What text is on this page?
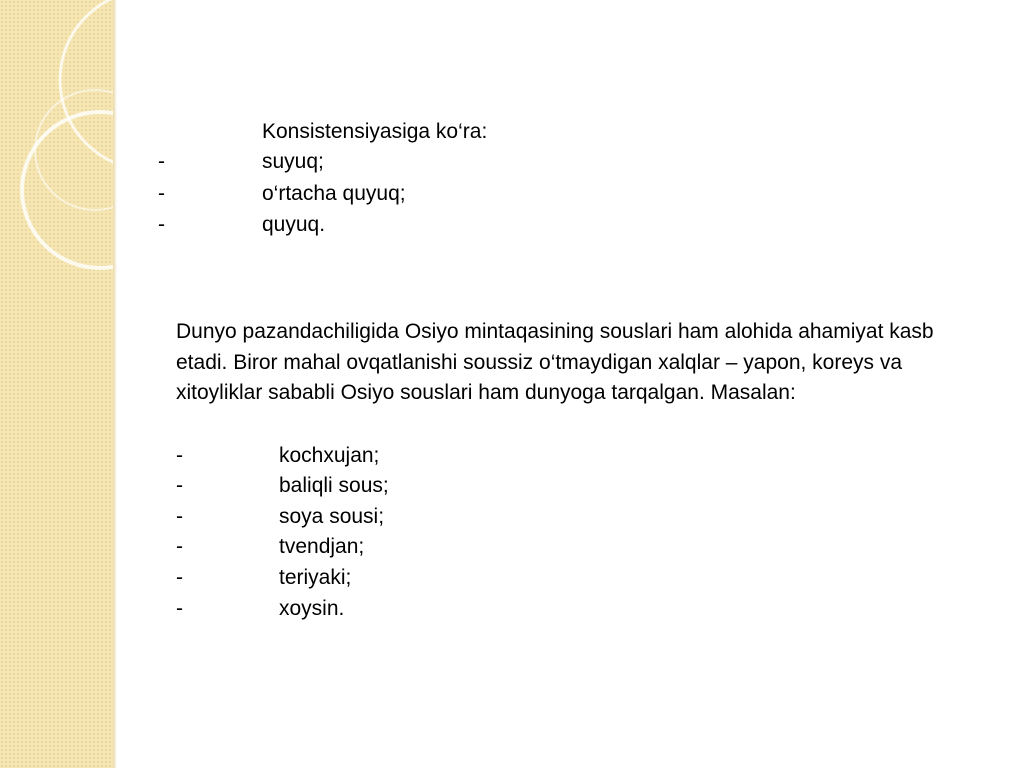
Konsistensiyasiga ko‘ra:
-	suyuq;
-	o‘rtacha quyuq;
-	quyuq.
Dunyo pazandachiligida Osiyo mintaqasining souslari ham alohida ahamiyat kasb etadi. Biror mahal ovqatlanishi soussiz o‘tmaydigan xalqlar – yapon, koreys va xitoyliklar sababli Osiyo souslari ham dunyoga tarqalgan. Masalan:
-	kochxujan;
-	baliqli sous;
-	soya sousi;
-	tvendjan;
-	teriyaki;
-	xoysin.
